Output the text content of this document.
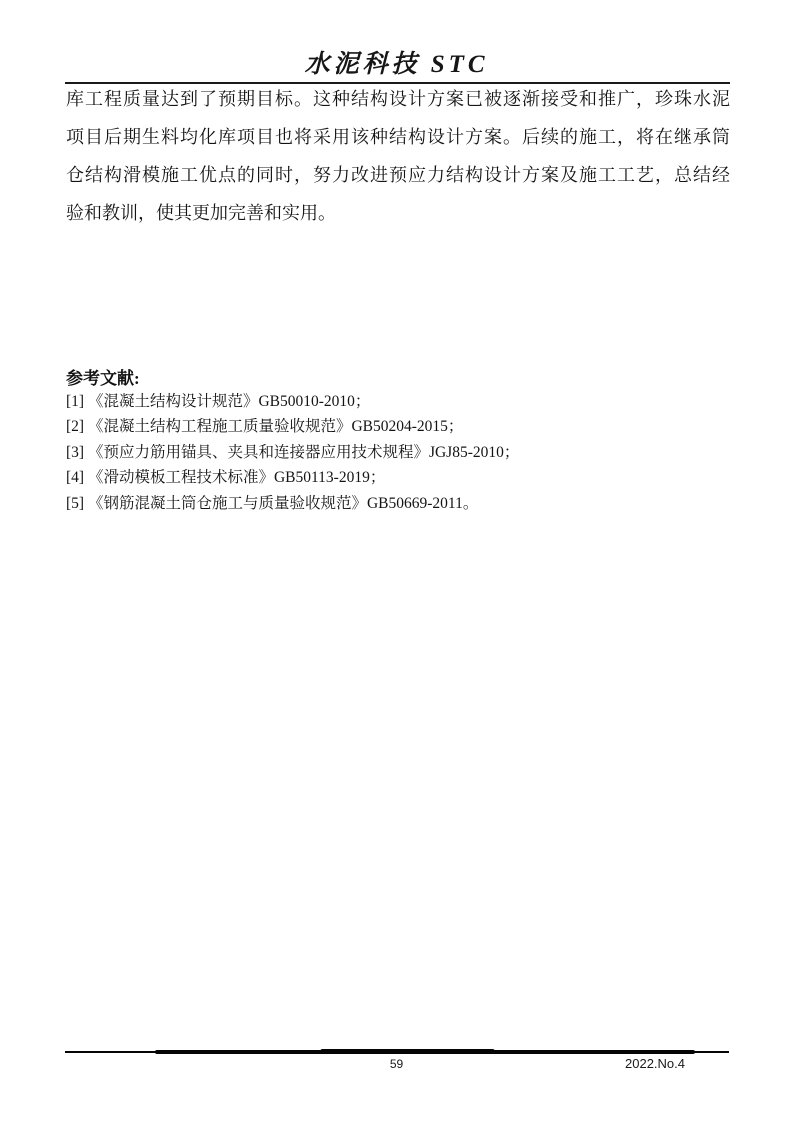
水泥科技 STC
库工程质量达到了预期目标。这种结构设计方案已被逐渐接受和推广，珍珠水泥
项目后期生料均化库项目也将采用该种结构设计方案。后续的施工，将在继承筒
仓结构滑模施工优点的同时，努力改进预应力结构设计方案及施工工艺，总结经
验和教训，使其更加完善和实用。
参考文献:
[1] 《混凝土结构设计规范》GB50010-2010；
[2] 《混凝土结构工程施工质量验收规范》GB50204-2015；
[3] 《预应力筋用锚具、夹具和连接器应用技术规程》JGJ85-2010；
[4] 《滑动模板工程技术标准》GB50113-2019；
[5] 《钢筋混凝土筒仓施工与质量验收规范》GB50669-2011。
59	2022.No.4
